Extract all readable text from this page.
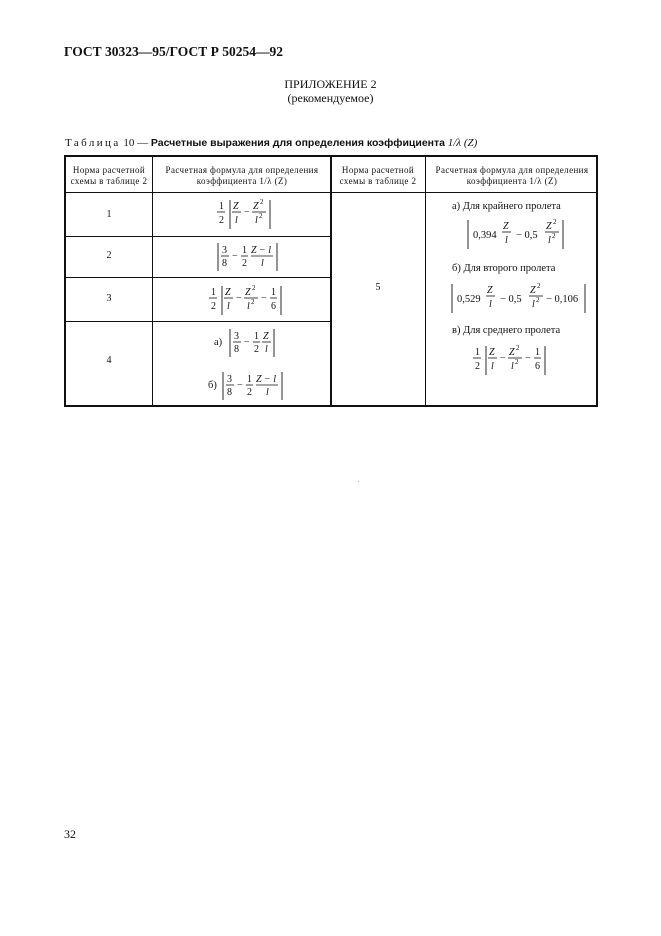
ГОСТ 30323—95/ГОСТ Р 50254—92
ПРИЛОЖЕНИЕ 2
(рекомендуемое)
Таблица 10 — Расчетные выражения для определения коэффициента 1/λ (Z)
Норма расчетной схемы в таблице 2
Расчетная формула для определения коэффициента 1/λ (Z)
Норма расчетной схемы в таблице 2
Расчетная формула для определения коэффициента 1/λ (Z)
1
2
3
4
5
1
2
Z
l
−
Z 2
l 2
3
8
−
1
2
Z − l
l
1
2
Z
l
−
Z 2
l 2 −
1
6
а)
3
8
−
1
2
Z
l
б)
3
8
−
1
2
Z − l
l
а) Для крайнего пролета
0,394
Z
l − 0,5
Z 2
l 2
б) Для второго пролета
0,529
Z
l − 0,5
Z 2
l 2 − 0,106
в) Для среднего пролета
1
2
Z
l
−
Z 2
l 2 −
1
6
32
